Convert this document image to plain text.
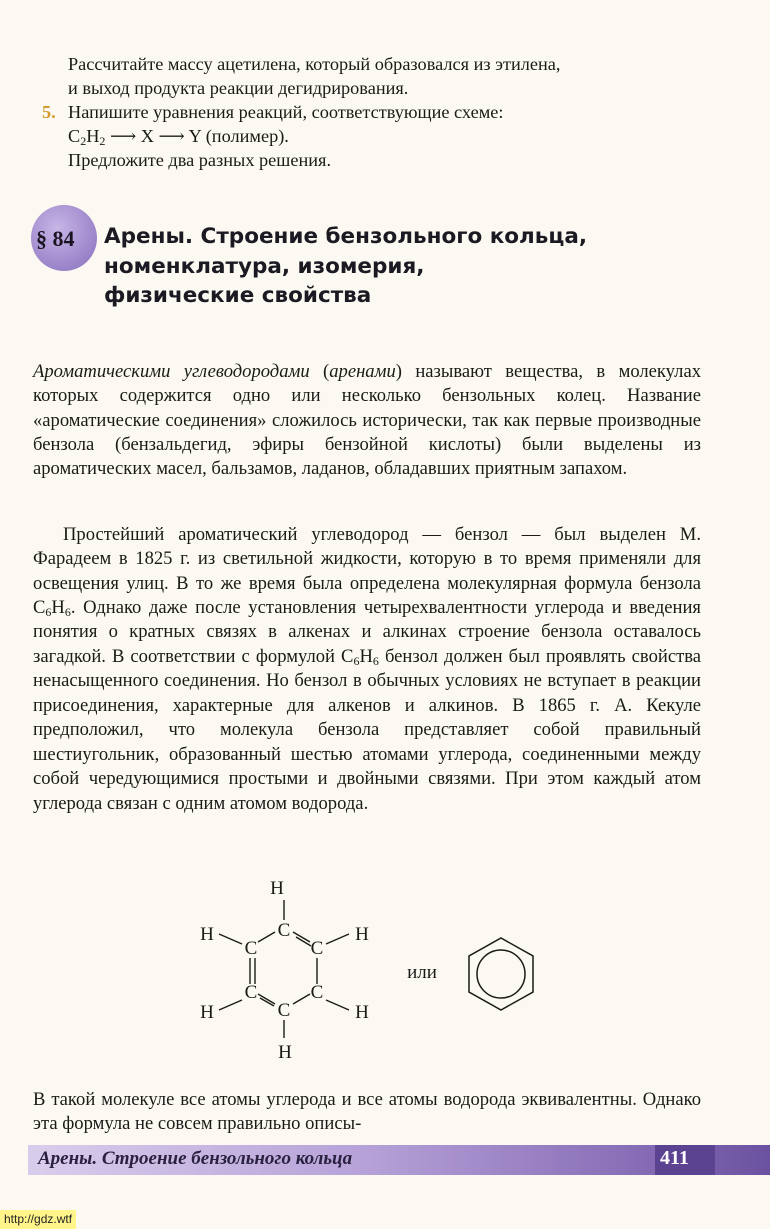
Рассчитайте массу ацетилена, который образовался из этилена,
и выход продукта реакции дегидрирования.
5. Напишите уравнения реакций, соответствующие схеме:
$C_2H_2$ ⟶ X ⟶ Y (полимер).
Предложите два разных решения.
§ 84 Арены. Строение бензольного кольца,
номенклатура, изомерия,
физические свойства

Ароматическими углеводородами (аренами) называют вещества, в молекулах которых содержится одно или несколько бензольных колец. Название «ароматические соединения» сложилось исторически, так как первые производные бензола (бензальдегид, эфиры бензойной кислоты) были выделены из ароматических масел, бальзамов, ладанов, обладавших приятным запахом.

Простейший ароматический углеводород — бензол — был выделен М. Фарадеем в 1825 г. из светильной жидкости, которую в то время применяли для освещения улиц. В то же время была определена молекулярная формула бензола $C_6H_6$. Однако даже после установления четырехвалентности углерода и введения понятия о кратных связях в алкенах и алкинах строение бензола оставалось загадкой. В соответствии с формулой $C_6H_6$ бензол должен был проявлять свойства ненасыщенного соединения. Но бензол в обычных условиях не вступает в реакции присоединения, характерные для алкенов и алкинов. В 1865 г. А. Кекуле предположил, что молекула бензола представляет собой правильный шестиугольник, образованный шестью атомами углерода, соединенными между собой чередующимися простыми и двойными связями. При этом каждый атом углерода связан с одним атомом водорода.

H
H	H
H	H
H
C
C	C
C	C
C
или

В такой молекуле все атомы углерода и все атомы водорода эквивалентны. Однако эта формула не совсем правильно описы-

Арены. Строение бензольного кольца	411
http://gdz.wtf
